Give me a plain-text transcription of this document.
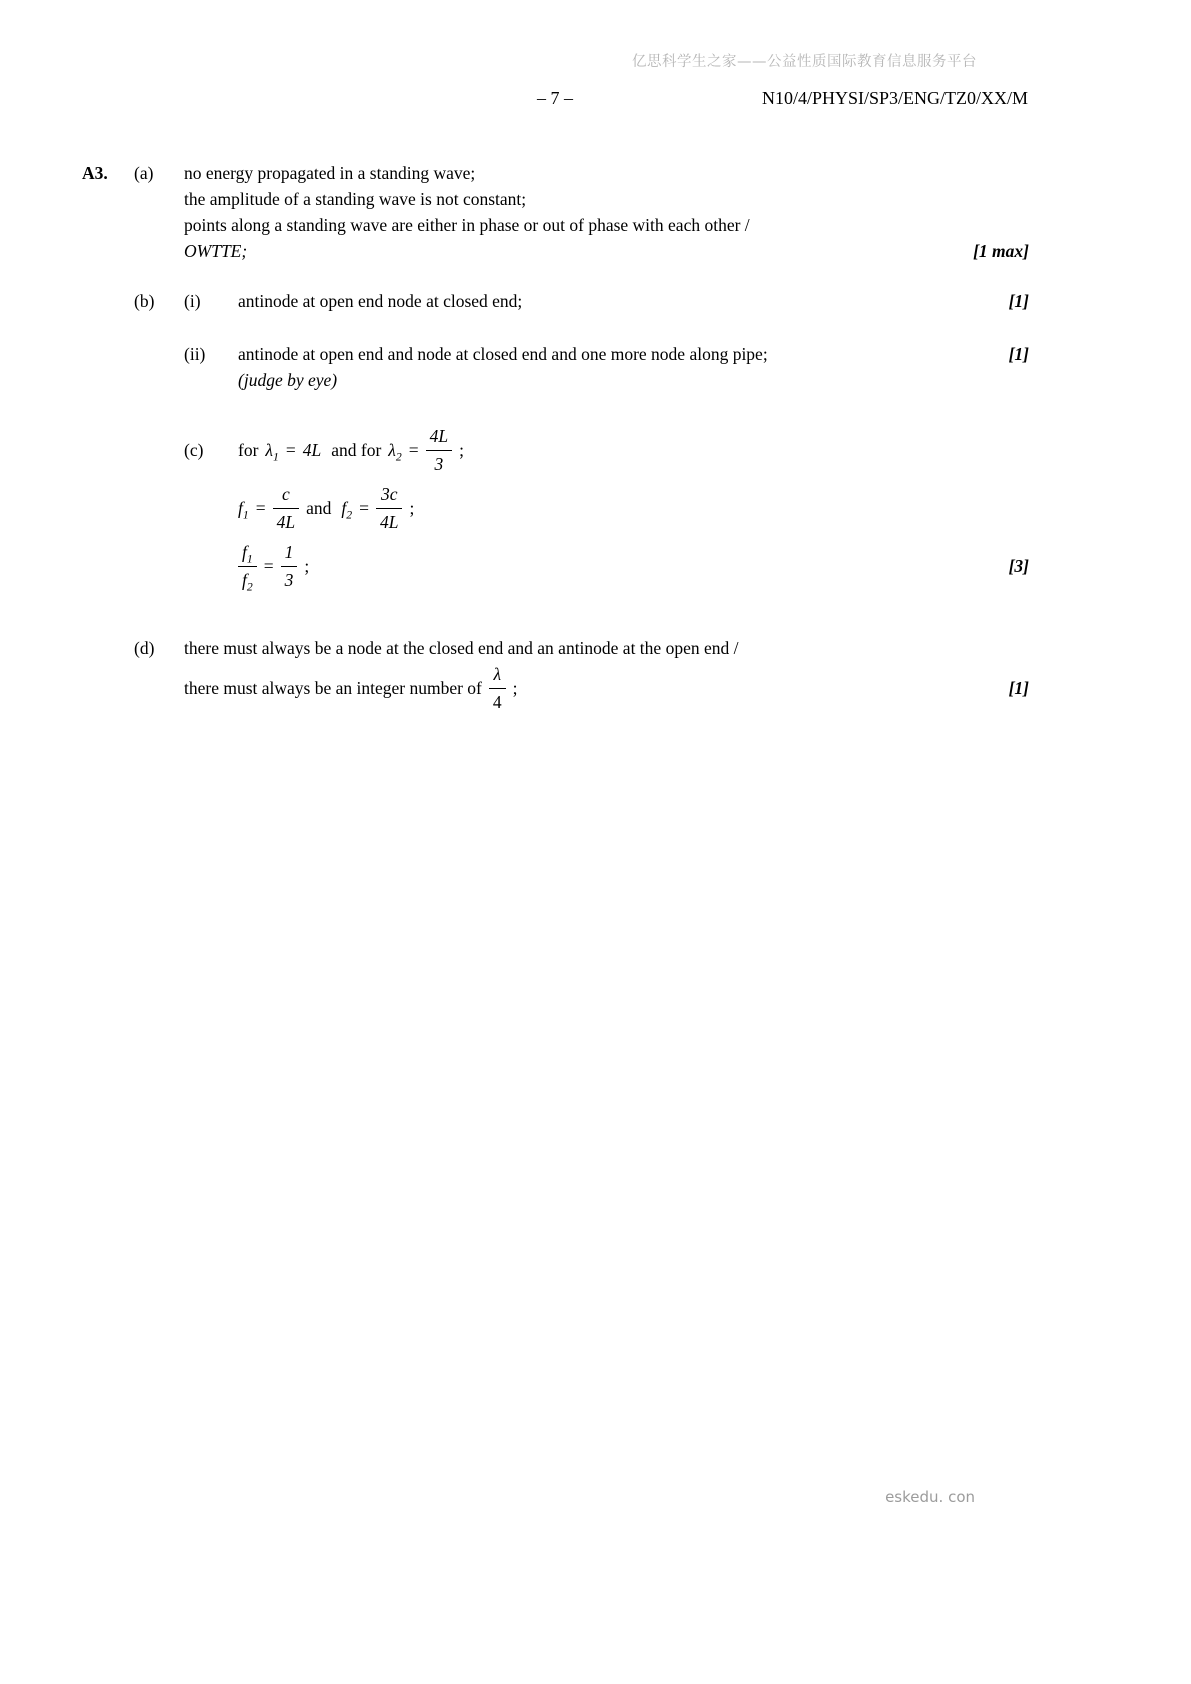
亿思科学生之家——公益性质国际教育信息服务平台
– 7 –	N10/4/PHYSI/SP3/ENG/TZ0/XX/M
A3.	(a)	no energy propagated in a standing wave;
the amplitude of a standing wave is not constant;
points along a standing wave are either in phase or out of phase with each other /
OWTTE;	[1 max]
(b)	(i)	antinode at open end node at closed end;	[1]
(ii)	antinode at open end and node at closed end and one more node along pipe;	[1]
(judge by eye)
(c)	for $\lambda_1 = 4L$ and for $\lambda_2 = \frac{4L}{3}$ ;
$f_1 = \frac{c}{4L}$ and $f_2 = \frac{3c}{4L}$ ;
$\frac{f_1}{f_2} = \frac{1}{3}$ ;	[3]
(d)	there must always be a node at the closed end and an antinode at the open end /
there must always be an integer number of $\frac{\lambda}{4}$ ;	[1]
eskedu. con
